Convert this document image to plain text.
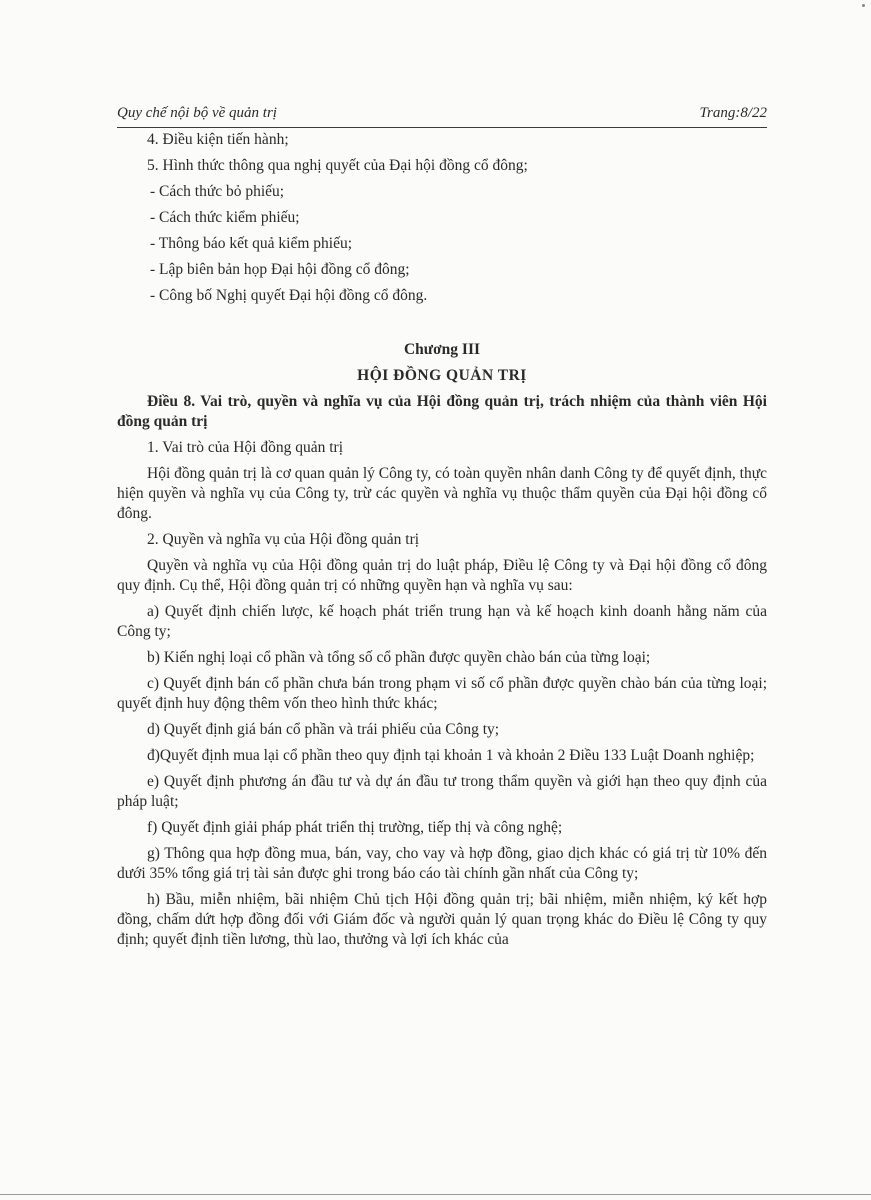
Quy chế nội bộ về quản trị	Trang:8/22

4. Điều kiện tiến hành;

5. Hình thức thông qua nghị quyết của Đại hội đồng cổ đông;

- Cách thức bỏ phiếu;

- Cách thức kiểm phiếu;

- Thông báo kết quả kiểm phiếu;

- Lập biên bản họp Đại hội đồng cổ đông;

- Công bố Nghị quyết Đại hội đồng cổ đông.

Chương III

HỘI ĐỒNG QUẢN TRỊ

Điều 8. Vai trò, quyền và nghĩa vụ của Hội đồng quản trị, trách nhiệm của thành viên Hội đồng quản trị

1. Vai trò của Hội đồng quản trị

Hội đồng quản trị là cơ quan quản lý Công ty, có toàn quyền nhân danh Công ty để quyết định, thực hiện quyền và nghĩa vụ của Công ty, trừ các quyền và nghĩa vụ thuộc thẩm quyền của Đại hội đồng cổ đông.

2. Quyền và nghĩa vụ của Hội đồng quản trị

Quyền và nghĩa vụ của Hội đồng quản trị do luật pháp, Điều lệ Công ty và Đại hội đồng cổ đông quy định. Cụ thể, Hội đồng quản trị có những quyền hạn và nghĩa vụ sau:

a) Quyết định chiến lược, kế hoạch phát triển trung hạn và kế hoạch kinh doanh hằng năm của Công ty;

b) Kiến nghị loại cổ phần và tổng số cổ phần được quyền chào bán của từng loại;

c) Quyết định bán cổ phần chưa bán trong phạm vi số cổ phần được quyền chào bán của từng loại; quyết định huy động thêm vốn theo hình thức khác;

d) Quyết định giá bán cổ phần và trái phiếu của Công ty;

đ)Quyết định mua lại cổ phần theo quy định tại khoản 1 và khoản 2 Điều 133 Luật Doanh nghiệp;

e) Quyết định phương án đầu tư và dự án đầu tư trong thẩm quyền và giới hạn theo quy định của pháp luật;

f) Quyết định giải pháp phát triển thị trường, tiếp thị và công nghệ;

g) Thông qua hợp đồng mua, bán, vay, cho vay và hợp đồng, giao dịch khác có giá trị từ 10% đến dưới 35% tổng giá trị tài sản được ghi trong báo cáo tài chính gần nhất của Công ty;

h) Bầu, miễn nhiệm, bãi nhiệm Chủ tịch Hội đồng quản trị; bãi nhiệm, miễn nhiệm, ký kết hợp đồng, chấm dứt hợp đồng đối với Giám đốc và người quản lý quan trọng khác do Điều lệ Công ty quy định; quyết định tiền lương, thù lao, thưởng và lợi ích khác của
